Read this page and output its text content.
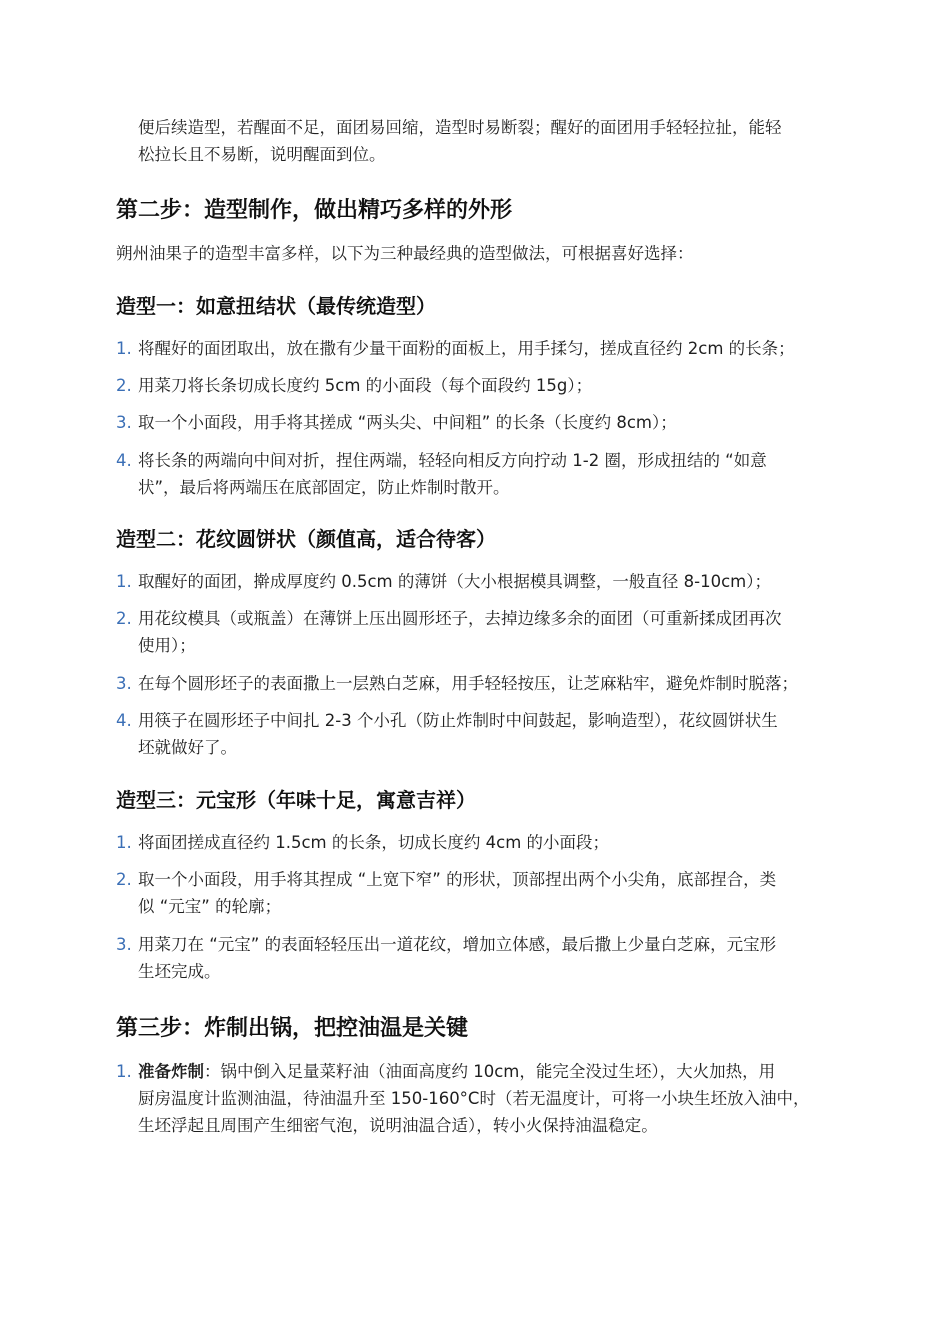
便后续造型，若醒面不足，面团易回缩，造型时易断裂；醒好的面团用手轻轻拉扯，能轻
松拉长且不易断，说明醒面到位。
第二步：造型制作，做出精巧多样的外形
朔州油果子的造型丰富多样，以下为三种最经典的造型做法，可根据喜好选择：
造型一：如意扭结状（最传统造型）
1. 将醒好的面团取出，放在撒有少量干面粉的面板上，用手揉匀，搓成直径约 2cm 的长条；
2. 用菜刀将长条切成长度约 5cm 的小面段（每个面段约 15g）；
3. 取一个小面段，用手将其搓成 “两头尖、中间粗” 的长条（长度约 8cm）；
4. 将长条的两端向中间对折，捏住两端，轻轻向相反方向拧动 1-2 圈，形成扭结的 “如意
状”，最后将两端压在底部固定，防止炸制时散开。
造型二：花纹圆饼状（颜值高，适合待客）
1. 取醒好的面团，擀成厚度约 0.5cm 的薄饼（大小根据模具调整，一般直径 8-10cm）；
2. 用花纹模具（或瓶盖）在薄饼上压出圆形坯子，去掉边缘多余的面团（可重新揉成团再次
使用）；
3. 在每个圆形坯子的表面撒上一层熟白芝麻，用手轻轻按压，让芝麻粘牢，避免炸制时脱落；
4. 用筷子在圆形坯子中间扎 2-3 个小孔（防止炸制时中间鼓起，影响造型），花纹圆饼状生
坯就做好了。
造型三：元宝形（年味十足，寓意吉祥）
1. 将面团搓成直径约 1.5cm 的长条，切成长度约 4cm 的小面段；
2. 取一个小面段，用手将其捏成 “上宽下窄” 的形状，顶部捏出两个小尖角，底部捏合，类
似 “元宝” 的轮廓；
3. 用菜刀在 “元宝” 的表面轻轻压出一道花纹，增加立体感，最后撒上少量白芝麻，元宝形
生坯完成。
第三步：炸制出锅，把控油温是关键
1. 准备炸制：锅中倒入足量菜籽油（油面高度约 10cm，能完全没过生坯），大火加热，用
厨房温度计监测油温，待油温升至 150-160°C时（若无温度计，可将一小块生坯放入油中，
生坯浮起且周围产生细密气泡，说明油温合适），转小火保持油温稳定。
